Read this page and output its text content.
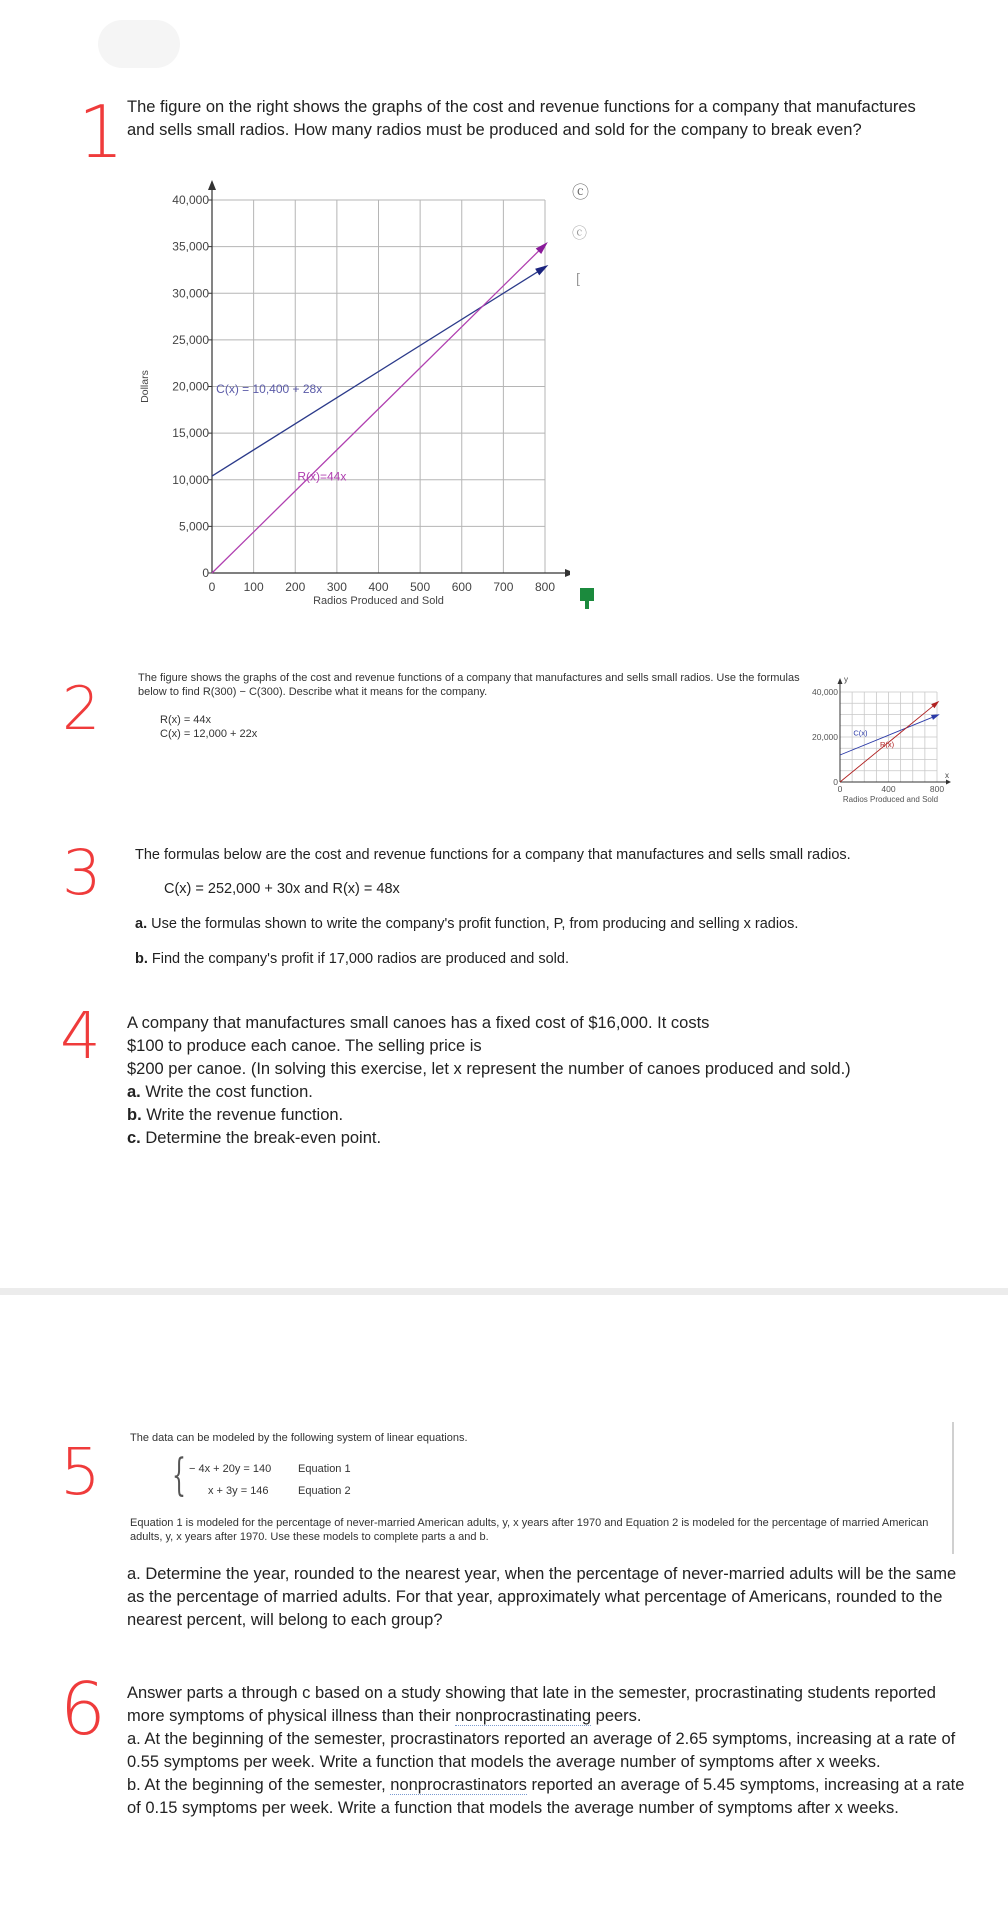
1 The figure on the right shows the graphs of the cost and revenue functions for a company that manufactures and sells small radios. How many radios must be produced and sold for the company to break even?
0
5,000
10,000
15,000
20,000
25,000
30,000
35,000
40,000
Dollars
0 100 200 300 400 500 600 700 800
Radios Produced and Sold
C(x) = 10,400 + 28x
R(x)=44x
ⓒ
ⓒ
[
2	The figure shows the graphs of the cost and revenue functions of a company that manufactures and sells small radios. Use the formulas below to find R(300) − C(300). Describe what it means for the company.
R(x) = 44x
C(x) = 12,000 + 22x
y
x
0
20,000
40,000
0	400	800
Radios Produced and Sold
C(x)
R(x)
3 The formulas below are the cost and revenue functions for a company that manufactures and sells small radios.
C(x) = 252,000 + 30x and R(x) = 48x
a. Use the formulas shown to write the company's profit function, P, from producing and selling x radios.
b. Find the company's profit if 17,000 radios are produced and sold.
4 A company that manufactures small canoes has a fixed cost of $16,000. It costs
$100 to produce each canoe. The selling price is
$200 per canoe. (In solving this exercise, let x represent the number of canoes produced and sold.)
a. Write the cost function.
b. Write the revenue function.
c. Determine the break-even point.
5	The data can be modeled by the following system of linear equations.
{ − 4x + 20y = 140 Equation 1
x + 3y = 146	Equation 2
Equation 1 is modeled for the percentage of never-married American adults, y, x years after 1970 and Equation 2 is modeled for the percentage of married American adults, y, x years after 1970. Use these models to complete parts a and b.
a. Determine the year, rounded to the nearest year, when the percentage of never-married adults will be the same as the percentage of married adults. For that year, approximately what percentage of Americans, rounded to the nearest percent, will belong to each group?
6 Answer parts a through c based on a study showing that late in the semester, procrastinating students reported more symptoms of physical illness than their nonprocrastinating peers.
a. At the beginning of the semester, procrastinators reported an average of 2.65 symptoms, increasing at a rate of 0.55 symptoms per week. Write a function that models the average number of symptoms after x weeks.
b. At the beginning of the semester, nonprocrastinators reported an average of 5.45 symptoms, increasing at a rate of 0.15 symptoms per week. Write a function that models the average number of symptoms after x weeks.
